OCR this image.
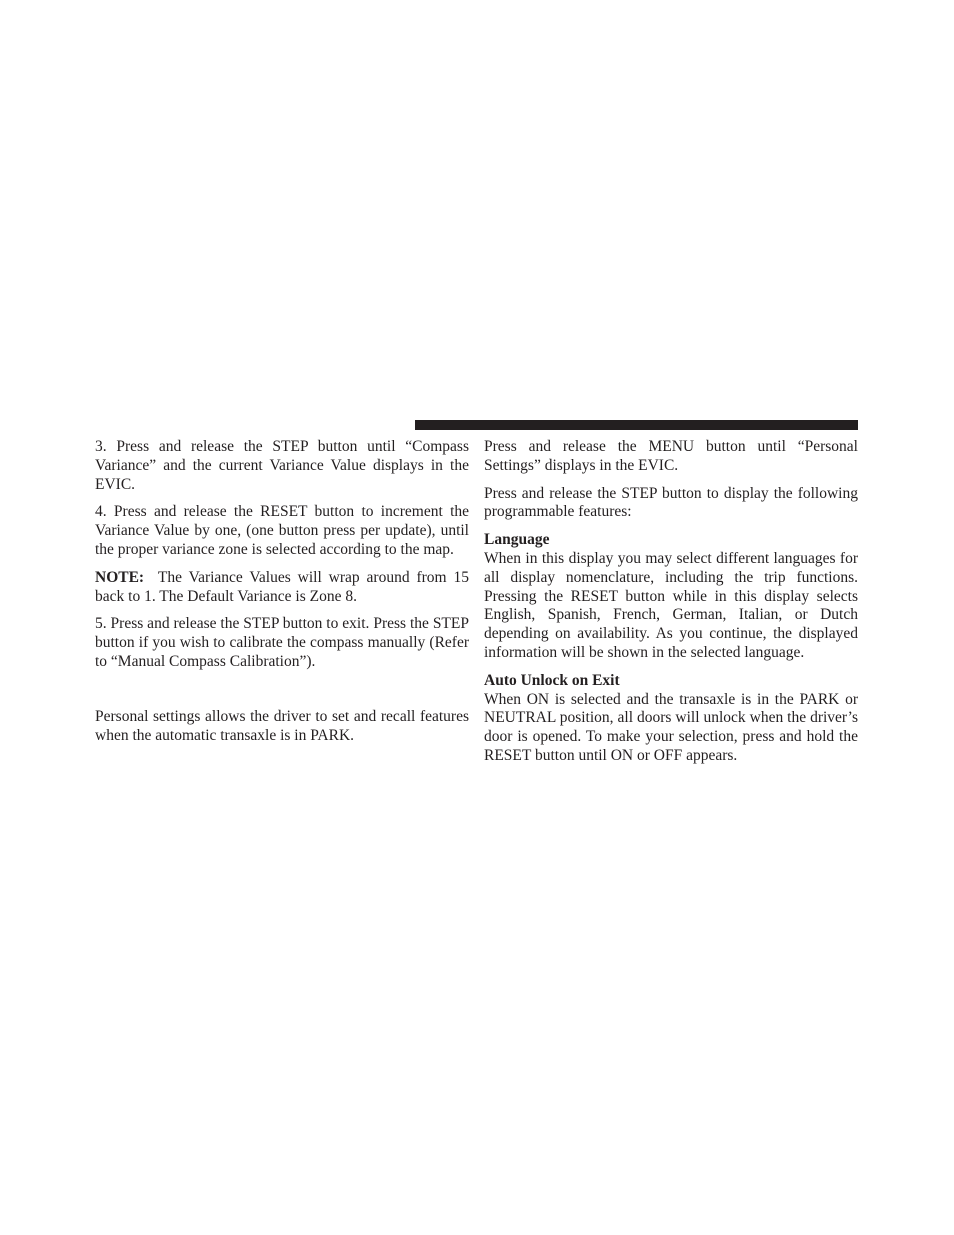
3. Press and release the STEP button until “Compass Variance” and the current Variance Value displays in the EVIC.

4. Press and release the RESET button to increment the Variance Value by one, (one button press per update), until the proper variance zone is selected according to the map.

NOTE: The Variance Values will wrap around from 15 back to 1. The Default Variance is Zone 8.

5. Press and release the STEP button to exit. Press the STEP button if you wish to calibrate the compass manually (Refer to “Manual Compass Calibration”).

Personal settings allows the driver to set and recall features when the automatic transaxle is in PARK.

Press and release the MENU button until “Personal Settings” displays in the EVIC.

Press and release the STEP button to display the following programmable features:

Language

When in this display you may select different languages for all display nomenclature, including the trip functions. Pressing the RESET button while in this display selects English, Spanish, French, German, Italian, or Dutch depending on availability. As you continue, the displayed information will be shown in the selected language.

Auto Unlock on Exit

When ON is selected and the transaxle is in the PARK or NEUTRAL position, all doors will unlock when the driver’s door is opened. To make your selection, press and hold the RESET button until ON or OFF appears.
